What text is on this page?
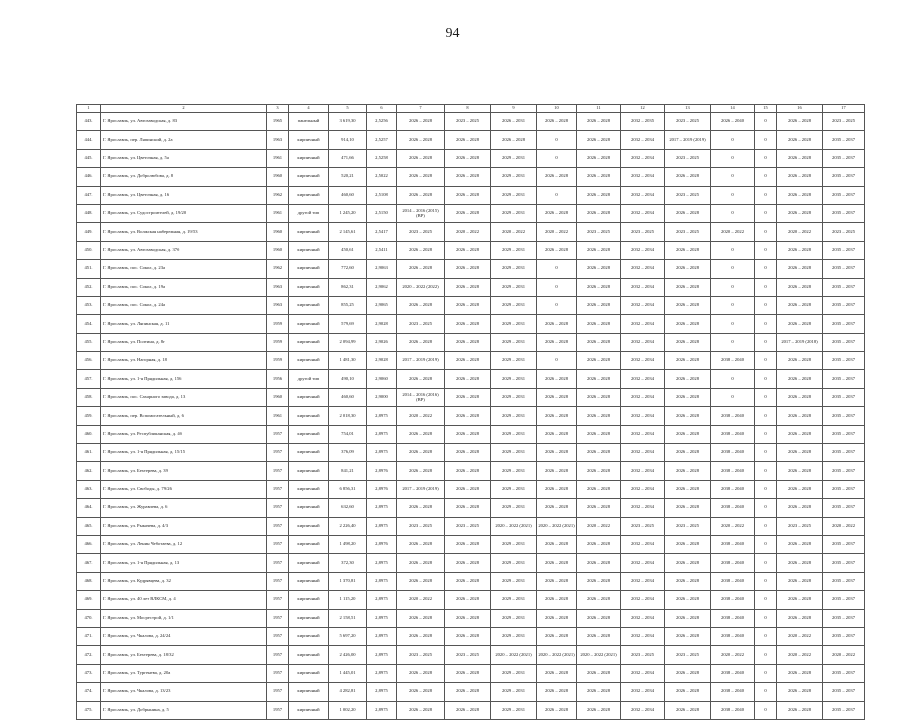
94
1	2	3	4	5	6	7	8	9	10	11	12	13	14	15	16	17
443.	Г. Ярославль, ул. Автозаводская, д. 83	1965	панельный	3 619,30	2,5256	2026 – 2028	2023 – 2025	2026 – 2031	2026 – 2028	2026 – 2028	2032 – 2035	2023 – 2025	2026 – 2040	0	2026 – 2028	2023 – 2025
444.	Г. Ярославль, пер. Ляпинский, д. 2а	1963	кирпичный	914,10	2,5257	2026 – 2028	2026 – 2028	2026 – 2028	0	2026 – 2028	2032 – 2034	2017 – 2019 (2019)	0	0	2026 – 2028	2035 – 2037
445.	Г. Ярославль, ул. Цветочная, д. 5а	1961	кирпичный	471,66	2,5258	2026 – 2028	2026 – 2028	2029 – 2031	0	2026 – 2028	2032 – 2034	2023 – 2025	0	0	2026 – 2028	2035 – 2037
446.	Г. Ярославль, ул. Добролюбова, д. 8	1960	кирпичный	520,21	2,5022	2026 – 2028	2026 – 2028	2029 – 2031	2026 – 2028	2026 – 2028	2032 – 2034	2026 – 2028	0	0	2026 – 2028	2035 – 2037
447.	Г. Ярославль, ул. Цветочная, д. 16	1962	кирпичный	460,60	2,5108	2026 – 2028	2026 – 2028	2029 – 2031	0	2026 – 2028	2032 – 2034	2023 – 2025	0	0	2026 – 2028	2035 – 2037
448.	Г. Ярославль, ул. Судостроителей, д. 19/20	1961	другой тип	1 245,20	2,5150	2014 – 2016 (2015)(ВР)	2026 – 2028	2029 – 2031	2026 – 2028	2026 – 2028	2032 – 2034	2026 – 2028	0	0	2026 – 2028	2035 – 2037
449.	Г. Ярославль, ул. Волжская набережная, д. 19/53	1960	кирпичный	2 145,61	2,5417	2023 – 2025	2020 – 2022	2020 – 2022	2020 – 2022	2023 – 2025	2023 – 2025	2023 – 2025	2020 – 2022	0	2020 – 2022	2023 – 2025
450.	Г. Ярославль, ул. Автозаводская, д. 37б	1960	кирпичный	450,61	2,5411	2026 – 2028	2026 – 2028	2029 – 2031	2026 – 2028	2026 – 2028	2032 – 2034	2026 – 2028	0	0	2026 – 2028	2035 – 2037
451.	Г. Ярославль, пос. Сокол, д. 23а	1962	кирпичный	772,60	2,9063	2026 – 2028	2026 – 2028	2029 – 2031	0	2026 – 2028	2032 – 2034	2026 – 2028	0	0	2026 – 2028	2035 – 2037
452.	Г. Ярославль, пос. Сокол, д. 19а	1963	кирпичный	862,31	2,9062	2020 – 2022 (2022)	2026 – 2028	2029 – 2031	0	2026 – 2028	2032 – 2034	2026 – 2028	0	0	2026 – 2028	2035 – 2037
453.	Г. Ярославль, пос. Сокол, д. 24а	1963	кирпичный	855,25	2,9065	2026 – 2028	2026 – 2028	2029 – 2031	0	2026 – 2028	2032 – 2034	2026 – 2028	0	0	2026 – 2028	2035 – 2037
454.	Г. Ярославль, ул. Ляпинская, д. 11	1959	кирпичный	579,69	2,9028	2023 – 2025	2026 – 2028	2029 – 2031	2026 – 2028	2026 – 2028	2032 – 2034	2026 – 2028	0	0	2026 – 2028	2035 – 2037
455.	Г. Ярославль, ул. Полтина, д. 8г	1959	кирпичный	2 094,99	2,9026	2026 – 2028	2026 – 2028	2029 – 2031	2026 – 2028	2026 – 2028	2032 – 2034	2026 – 2028	0	0	2017 – 2019 (2018)	2035 – 2037
456.	Г. Ярославль, ул. Нагорная, д. 18	1959	кирпичный	1 481,30	2,9028	2017 – 2019 (2019)	2026 – 2028	2029 – 2031	0	2026 – 2028	2032 – 2034	2026 – 2028	2038 – 2040	0	2026 – 2028	2035 – 2037
457.	Г. Ярославль, ул. 1-я Прядильная, д. 156	1956	другой тип	490,10	2,9060	2026 – 2028	2026 – 2028	2029 – 2031	2026 – 2028	2026 – 2028	2032 – 2034	2026 – 2028	0	0	2026 – 2028	2035 – 2037
458.	Г. Ярославль, пос. Сахарного завода, д. 13	1960	кирпичный	460,60	2,9000	2014 – 2016 (2016)(ВР)	2026 – 2028	2029 – 2031	2026 – 2028	2026 – 2028	2032 – 2034	2026 – 2028	0	0	2026 – 2028	2035 – 2037
459.	Г. Ярославль, пер. Вспомогательный, д. 6	1961	кирпичный	2 018,30	2,8975	2020 – 2022	2026 – 2028	2029 – 2031	2026 – 2028	2026 – 2028	2032 – 2034	2026 – 2028	2038 – 2040	0	2026 – 2028	2035 – 2037
460.	Г. Ярославль, ул. Республиканская, д. 4б	1957	кирпичный	754,01	2,8975	2026 – 2028	2026 – 2028	2029 – 2031	2026 – 2028	2026 – 2028	2032 – 2034	2026 – 2028	2038 – 2040	0	2026 – 2028	2035 – 2037
461.	Г. Ярославль, ул. 1-я Прядильная, д. 15/15	1957	кирпичный	376,09	2,8975	2026 – 2028	2026 – 2028	2029 – 2031	2026 – 2028	2026 – 2028	2032 – 2034	2026 – 2028	2038 – 2040	0	2026 – 2028	2035 – 2037
462.	Г. Ярославль, ул. Бехтерева, д. 39	1957	кирпичный	841,21	2,8976	2026 – 2028	2026 – 2028	2029 – 2031	2026 – 2028	2026 – 2028	2032 – 2034	2026 – 2028	2038 – 2040	0	2026 – 2028	2035 – 2037
463.	Г. Ярославль, ул. Свободы, д. 79/26	1957	кирпичный	6 856,31	2,8976	2017 – 2019 (2019)	2026 – 2028	2029 – 2031	2026 – 2028	2026 – 2028	2032 – 2034	2026 – 2028	2038 – 2040	0	2026 – 2028	2035 – 2037
464.	Г. Ярославль, ул. Журавлева, д. 6	1957	кирпичный	632,60	2,8975	2026 – 2028	2026 – 2028	2029 – 2031	2026 – 2028	2026 – 2028	2032 – 2034	2026 – 2028	2038 – 2040	0	2026 – 2028	2035 – 2037
465.	Г. Ярославль, ул. Рыкачева, д. 4/3	1957	кирпичный	2 226,40	2,8975	2023 – 2025	2023 – 2025	2020 – 2022 (2021)	2020 – 2022 (2021)	2020 – 2022	2023 – 2025	2023 – 2025	2020 – 2022	0	2023 – 2025	2020 – 2022
466.	Г. Ярославль, ул. Ленин Чеботаева, д. 12	1957	кирпичный	1 498,20	2,8976	2026 – 2028	2026 – 2028	2029 – 2031	2026 – 2028	2026 – 2028	2032 – 2034	2026 – 2028	2038 – 2040	0	2026 – 2028	2035 – 2037
467.	Г. Ярославль, ул. 1-я Прядильная, д. 13	1957	кирпичный	372,30	2,8975	2026 – 2028	2026 – 2028	2029 – 2031	2026 – 2028	2026 – 2028	2032 – 2034	2026 – 2028	2038 – 2040	0	2026 – 2028	2035 – 2037
468.	Г. Ярославль, ул. Кудрявцева, д. 32	1957	кирпичный	1 370,81	2,8975	2026 – 2028	2026 – 2028	2029 – 2031	2026 – 2028	2026 – 2028	2032 – 2034	2026 – 2028	2038 – 2040	0	2026 – 2028	2035 – 2037
469.	Г. Ярославль, ул. 40 лет ВЛКСМ, д. 4	1957	кирпичный	1 115,20	2,8975	2020 – 2022	2026 – 2028	2029 – 2031	2026 – 2028	2026 – 2028	2032 – 2034	2026 – 2028	2038 – 2040	0	2026 – 2028	2035 – 2037
470.	Г. Ярославль, ул. Мосрестрой, д. 1/1	1957	кирпичный	2 158,51	2,8975	2026 – 2028	2026 – 2028	2029 – 2031	2026 – 2028	2026 – 2028	2032 – 2034	2026 – 2028	2038 – 2040	0	2026 – 2028	2035 – 2037
471.	Г. Ярославль, ул. Чкалова, д. 24/24	1957	кирпичный	5 697,20	2,8975	2026 – 2028	2026 – 2028	2029 – 2031	2026 – 2028	2026 – 2028	2032 – 2034	2026 – 2028	2038 – 2040	0	2020 – 2022	2035 – 2037
472.	Г. Ярославль, ул. Бехтерева, д. 18/32	1957	кирпичный	2 426,00	2,8975	2023 – 2025	2023 – 2025	2020 – 2022 (2021)	2020 – 2022 (2021)	2020 – 2022 (2021)	2023 – 2025	2023 – 2025	2020 – 2022	0	2020 – 2022	2020 – 2022
473.	Г. Ярославль, ул. Тургенева, д. 20а	1957	кирпичный	1 445,01	2,8975	2026 – 2028	2026 – 2028	2029 – 2031	2026 – 2028	2026 – 2028	2032 – 2034	2026 – 2028	2038 – 2040	0	2026 – 2028	2035 – 2037
474.	Г. Ярославль, ул. Чкалова, д. 13/23	1957	кирпичный	4 282,81	2,8975	2026 – 2028	2026 – 2028	2029 – 2031	2026 – 2028	2026 – 2028	2032 – 2034	2026 – 2028	2038 – 2040	0	2026 – 2028	2035 – 2037
475.	Г. Ярославль, ул. Добрынина, д. 5	1957	кирпичный	1 002,20	2,8975	2026 – 2028	2026 – 2028	2029 – 2031	2026 – 2028	2026 – 2028	2032 – 2034	2026 – 2028	2038 – 2040	0	2026 – 2028	2035 – 2037
